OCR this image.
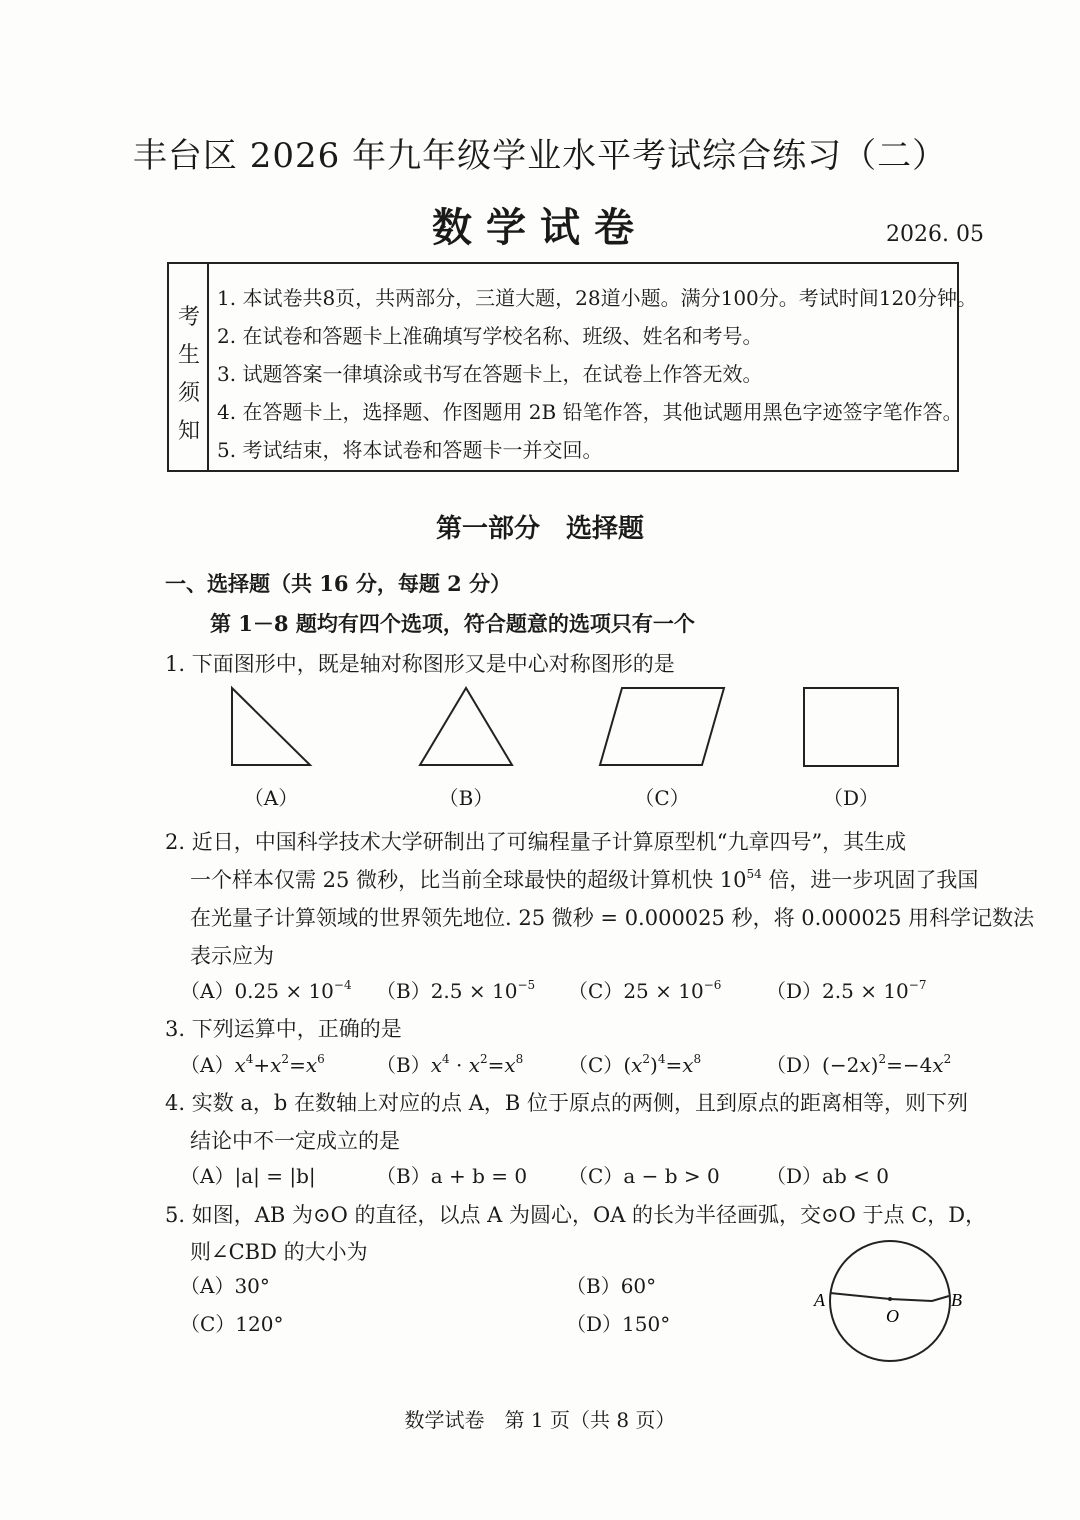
丰台区 2026 年九年级学业水平考试综合练习（二）
数学试卷	2026. 05
考
生
须
知
1. 本试卷共8页，共两部分，三道大题，28道小题。满分100分。考试时间120分钟。
2. 在试卷和答题卡上准确填写学校名称、班级、姓名和考号。
3. 试题答案一律填涂或书写在答题卡上，在试卷上作答无效。
4. 在答题卡上，选择题、作图题用 2B 铅笔作答，其他试题用黑色字迹签字笔作答。
5. 考试结束，将本试卷和答题卡一并交回。
第一部分　选择题
一、选择题（共 16 分，每题 2 分）
第 1－8 题均有四个选项，符合题意的选项只有一个
1. 下面图形中，既是轴对称图形又是中心对称图形的是
（A）	（B）	（C）	（D）
2. 近日，中国科学技术大学研制出了可编程量子计算原型机“九章四号”，其生成
一个样本仅需 25 微秒，比当前全球最快的超级计算机快 $10^{54}$ 倍，进一步巩固了我国
在光量子计算领域的世界领先地位. 25 微秒 = 0.000025 秒，将 0.000025 用科学记数法
表示应为
$(A)0.25 \times 10^{-4}$ $(B)2.5 \times 10^{-5}$ $(C)25 \times 10^{-6}$ $(D)2.5 \times 10^{-7}$
3. 下列运算中，正确的是
$(A)x^4+x^2=x^6$	$(B)x^4 \cdot x^2=x^8$ $(C)(x^2)^4=x^8$	$(D)(-2x)^2=-4x^2$
4. 实数 a，b 在数轴上对应的点 A，B 位于原点的两侧，且到原点的距离相等，则下列
结论中不一定成立的是
（A）|a| = |b|	（B）a + b = 0 （C）a − b > 0 （D）ab < 0
5. 如图，AB 为⊙O 的直径，以点 A 为圆心，OA 的长为半径画弧，交⊙O 于点 C，D，
则∠CBD 的大小为
（A）30°	（B）60°
（C）120°	（D）150°
A
O
B
数学试卷　第 1 页（共 8 页）
